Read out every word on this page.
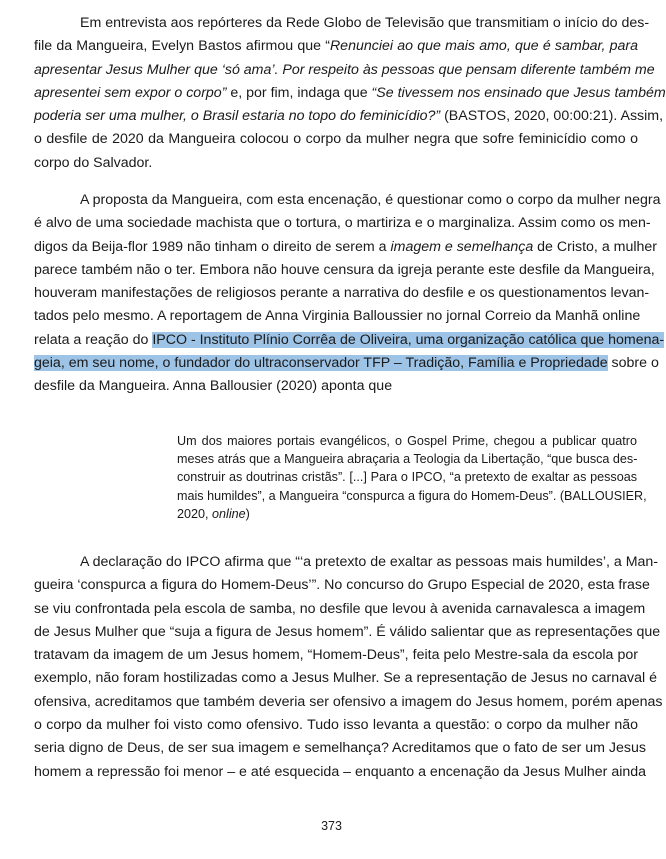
Em entrevista aos repórteres da Rede Globo de Televisão que transmitiam o início do des-
file da Mangueira, Evelyn Bastos afirmou que “Renunciei ao que mais amo, que é sambar, para
apresentar Jesus Mulher que ‘só ama’. Por respeito às pessoas que pensam diferente também me
apresentei sem expor o corpo” e, por fim, indaga que “Se tivessem nos ensinado que Jesus também
poderia ser uma mulher, o Brasil estaria no topo do feminicídio?” (BASTOS, 2020, 00:00:21). Assim,
o desfile de 2020 da Mangueira colocou o corpo da mulher negra que sofre feminicídio como o
corpo do Salvador.
A proposta da Mangueira, com esta encenação, é questionar como o corpo da mulher negra
é alvo de uma sociedade machista que o tortura, o martiriza e o marginaliza. Assim como os men-
digos da Beija-flor 1989 não tinham o direito de serem a imagem e semelhança de Cristo, a mulher
parece também não o ter. Embora não houve censura da igreja perante este desfile da Mangueira,
houveram manifestações de religiosos perante a narrativa do desfile e os questionamentos levan-
tados pelo mesmo. A reportagem de Anna Virginia Balloussier no jornal Correio da Manhã online
relata a reação do IPCO - Instituto Plínio Corrêa de Oliveira, uma organização católica que homena-
geia, em seu nome, o fundador do ultraconservador TFP – Tradição, Família e Propriedade sobre o
desfile da Mangueira. Anna Ballousier (2020) aponta que
Um dos maiores portais evangélicos, o Gospel Prime, chegou a publicar quatro
meses atrás que a Mangueira abraçaria a Teologia da Libertação, “que busca des-
construir as doutrinas cristãs”. [...] Para o IPCO, “a pretexto de exaltar as pessoas
mais humildes”, a Mangueira “conspurca a figura do Homem-Deus”. (BALLOUSIER,
2020, online)
A declaração do IPCO afirma que “‘a pretexto de exaltar as pessoas mais humildes’, a Man-
gueira ‘conspurca a figura do Homem-Deus’”. No concurso do Grupo Especial de 2020, esta frase
se viu confrontada pela escola de samba, no desfile que levou à avenida carnavalesca a imagem
de Jesus Mulher que “suja a figura de Jesus homem”. É válido salientar que as representações que
tratavam da imagem de um Jesus homem, “Homem-Deus”, feita pelo Mestre-sala da escola por
exemplo, não foram hostilizadas como a Jesus Mulher. Se a representação de Jesus no carnaval é
ofensiva, acreditamos que também deveria ser ofensivo a imagem do Jesus homem, porém apenas
o corpo da mulher foi visto como ofensivo. Tudo isso levanta a questão: o corpo da mulher não
seria digno de Deus, de ser sua imagem e semelhança? Acreditamos que o fato de ser um Jesus
homem a repressão foi menor – e até esquecida – enquanto a encenação da Jesus Mulher ainda
373
